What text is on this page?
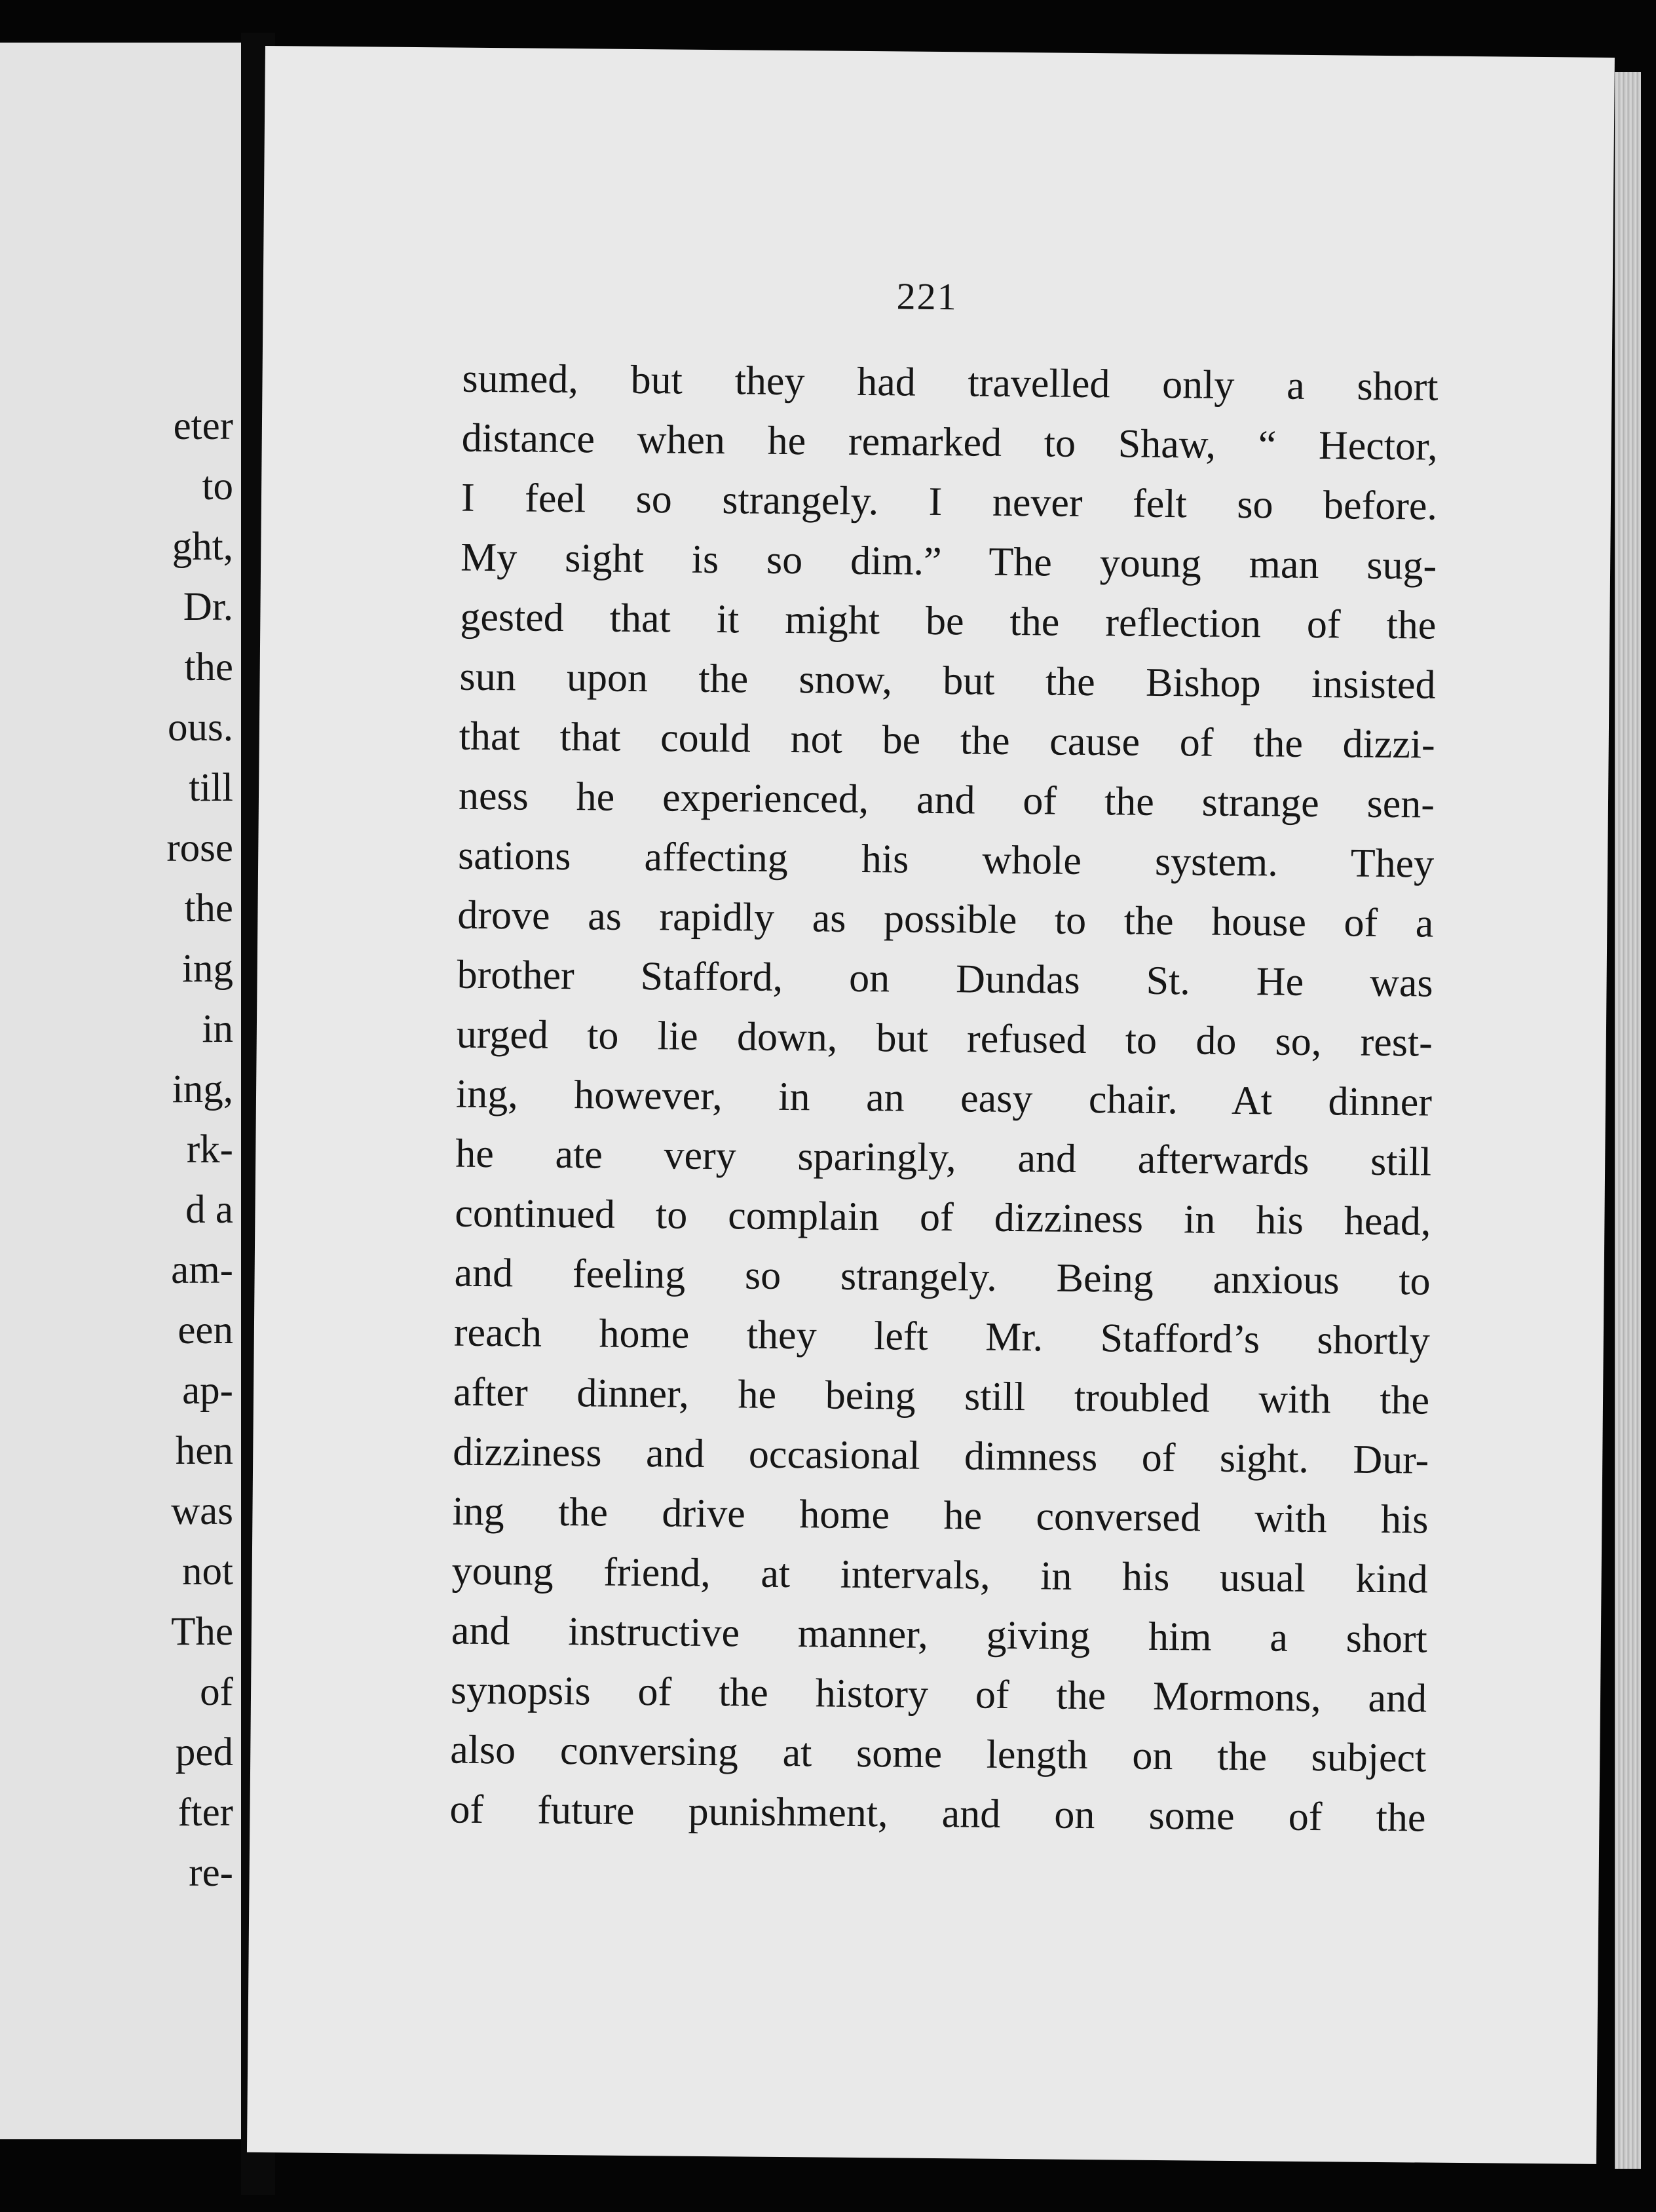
eter
to
ght,
Dr.
the
ous.
till
rose
the
ing
in
ing,
rk-
d a
am-
een
ap-
hen
was
not
The
of
ped
fter
re-
221
sumed, but they had travelled only a short
distance when he remarked to Shaw, “ Hector,
I feel so strangely. I never felt so before.
My sight is so dim.” The young man sug-
gested that it might be the reflection of the
sun upon the snow, but the Bishop insisted
that that could not be the cause of the dizzi-
ness he experienced, and of the strange sen-
sations affecting his whole system. They
drove as rapidly as possible to the house of a
brother Stafford, on Dundas St. He was
urged to lie down, but refused to do so, rest-
ing, however, in an easy chair. At dinner
he ate very sparingly, and afterwards still
continued to complain of dizziness in his head,
and feeling so strangely. Being anxious to
reach home they left Mr. Stafford’s shortly
after dinner, he being still troubled with the
dizziness and occasional dimness of sight. Dur-
ing the drive home he conversed with his
young friend, at intervals, in his usual kind
and instructive manner, giving him a short
synopsis of the history of the Mormons, and
also conversing at some length on the subject
of future punishment, and on some of the
